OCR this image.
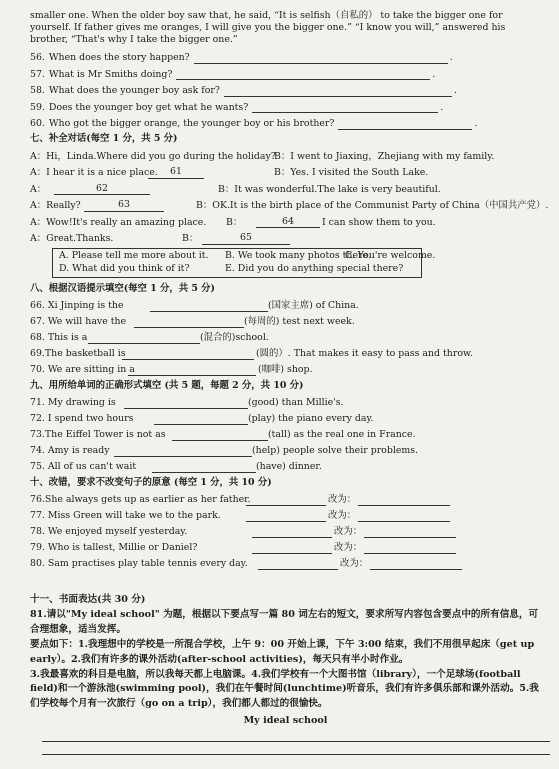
smaller one. When the older boy saw that, he said, “It is selfish（自私的） to take the bigger one for yourself. If father gives me oranges, I will give you the bigger one.” “I know you will,” answered his brother, “That's why I take the bigger one.”
56. When does the story happen?	.
57. What is Mr Smiths doing?	.
58. What does the younger boy ask for?	.
59. Does the younger boy get what he wants?	.
60. Who got the bigger orange, the younger boy or his brother?	.
七、补全对话(每空 1 分，共 5 分)
A：Hi，Linda.Where did you go during the holiday?
B：I went to Jiaxing，Zhejiang with my family.
A：I hear it is a nice place.	61	B：Yes. I visited the South Lake.
A：	62	B：It was wonderful.The lake is very beautiful.
A：Really?	63	B：OK.It is the birth place of the Communist Party of China（中国共产党）.
A：Wow!It's really an amazing place. B：	64	I can show them to you.
A：Great.Thanks.	B：	65
A. Please tell me more about it. B. We took many photos there.
C. You're welcome.
D. What did you think of it?	E. Did you do anything special there?
八、根据汉语提示填空(每空 1 分，共 5 分)
66. Xi Jinping is the	(国家主席) of China.
67. We will have the	(每周的) test next week.
68. This is a	(混合的)school.
69.The basketball is	(圆的）. That makes it easy to pass and throw.
70. We are sitting in a	(咖啡) shop.
九、用所给单词的正确形式填空 (共 5 题，每题 2 分，共 10 分)
71. My drawing is	(good) than Millie's.
72. I spend two hours	(play) the piano every day.
73.The Eiffel Tower is not as	(tall) as the real one in France.
74. Amy is ready	(help) people solve their problems.
75. All of us can't wait	(have) dinner.
十、改错，要求不改变句子的原意 (每空 1 分，共 10 分)
76.She always gets up as earlier as her father.	改为：
77. Miss Green will take we to the park.	改为：
78. We enjoyed myself yesterday.	改为：
79. Who is tallest, Millie or Daniel?	改为：
80. Sam practises play table tennis every day.	改为：

十一、书面表达(共 30 分)

81.请以"My ideal school" 为题，根据以下要点写一篇 80 词左右的短文，要求所写内容包含要点中的所有信息，可合理想象，适当发挥。

要点如下：1.我理想中的学校是一所混合学校，上午 9：00 开始上课，下午 3:00 结束，我们不用很早起床（get up early）。2.我们有许多的课外活动(after-school activities)，每天只有半小时作业。

3.我最喜欢的科目是电脑，所以我每天都上电脑课。4.我们学校有一个大图书馆（library），一个足球场(football field)和一个游泳池(swimming pool)，我们在午餐时间(lunchtime)听音乐，我们有许多俱乐部和课外活动。5.我们学校每个月有一次旅行（go on a trip），我们都人都过的很愉快。

My ideal school
